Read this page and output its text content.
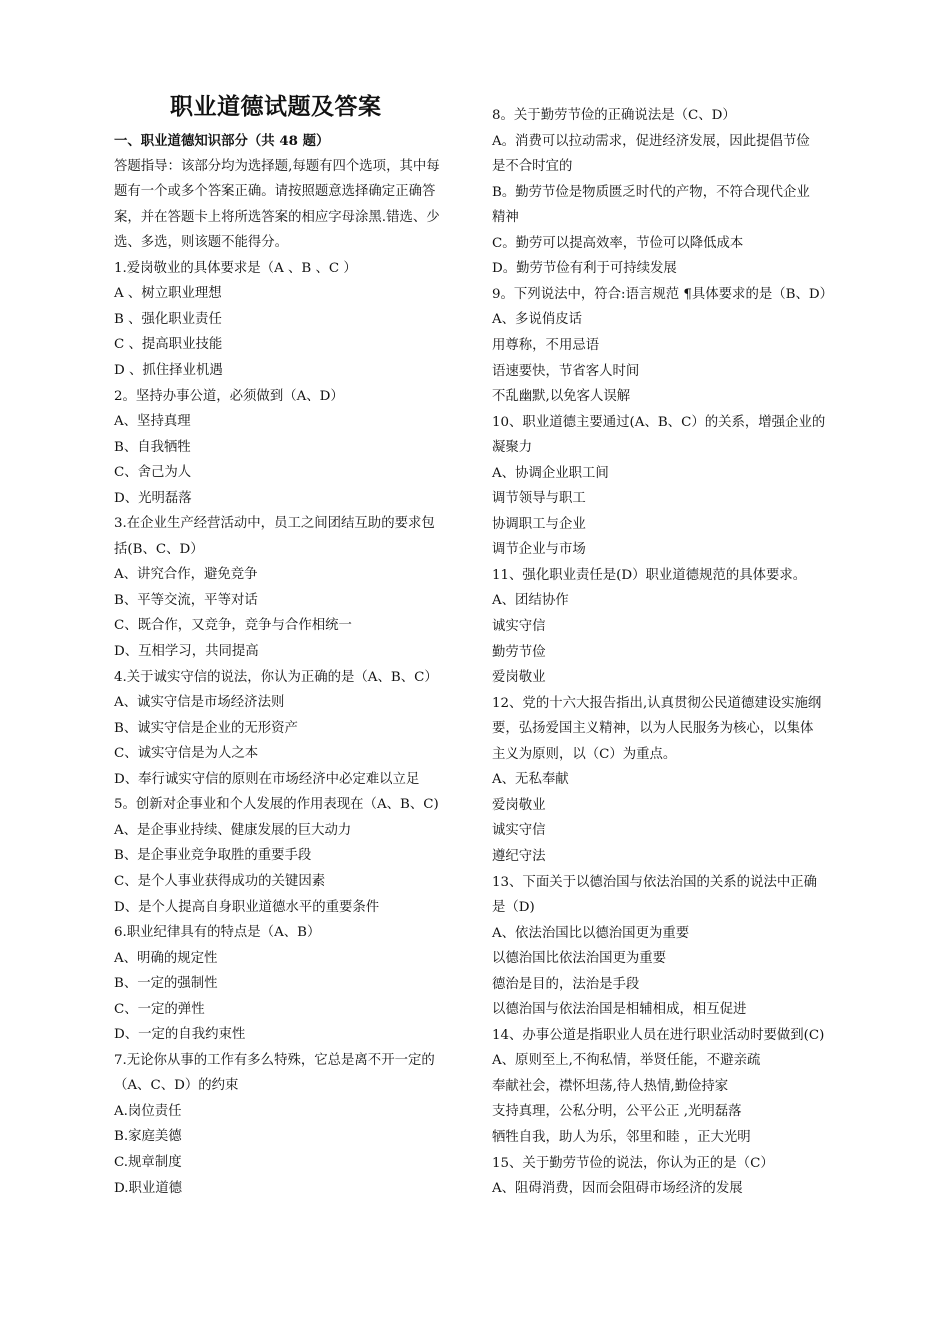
职业道德试题及答案
一、职业道德知识部分（共 48 题）
答题指导：该部分均为选择题,每题有四个选项，其中每
题有一个或多个答案正确。请按照题意选择确定正确答
案，并在答题卡上将所选答案的相应字母涂黑.错选、少
选、多选，则该题不能得分。
1.爱岗敬业的具体要求是（A 、B 、C ）
A 、树立职业理想
B 、强化职业责任
C 、提高职业技能
D 、抓住择业机遇
2。坚持办事公道，必须做到（A、D）
A、坚持真理
B、自我牺牲
C、舍己为人
D、光明磊落
3.在企业生产经营活动中，员工之间团结互助的要求包
括(B、C、D）
A、讲究合作，避免竞争
B、平等交流，平等对话
C、既合作，又竞争，竞争与合作相统一
D、互相学习，共同提高
4.关于诚实守信的说法，你认为正确的是（A、B、C）
A、诚实守信是市场经济法则
B、诚实守信是企业的无形资产
C、诚实守信是为人之本
D、奉行诚实守信的原则在市场经济中必定难以立足
5。创新对企事业和个人发展的作用表现在（A、B、C)
A、是企事业持续、健康发展的巨大动力
B、是企事业竞争取胜的重要手段
C、是个人事业获得成功的关键因素
D、是个人提高自身职业道德水平的重要条件
6.职业纪律具有的特点是（A、B）
A、明确的规定性
B、一定的强制性
C、一定的弹性
D、一定的自我约束性
7.无论你从事的工作有多么特殊，它总是离不开一定的
（A、C、D）的约束
A.岗位责任
B.家庭美德
C.规章制度
D.职业道德
8。关于勤劳节俭的正确说法是（C、D）
A。消费可以拉动需求，促进经济发展，因此提倡节俭
是不合时宜的
B。勤劳节俭是物质匮乏时代的产物，不符合现代企业
精神
C。勤劳可以提高效率，节俭可以降低成本
D。勤劳节俭有利于可持续发展
9。下列说法中，符合:语言规范 ¶具体要求的是（B、D）
A、多说俏皮话
用尊称，不用忌语
语速要快，节省客人时间
不乱幽默,以免客人误解
10、职业道德主要通过(A、B、C）的关系，增强企业的
凝聚力
A、协调企业职工间
调节领导与职工
协调职工与企业
调节企业与市场
11、强化职业责任是(D）职业道德规范的具体要求。
A、团结协作
诚实守信
勤劳节俭
爱岗敬业
12、党的十六大报告指出,认真贯彻公民道德建设实施纲
要，弘扬爱国主义精神，以为人民服务为核心，以集体
主义为原则，以（C）为重点。
A、无私奉献
爱岗敬业
诚实守信
遵纪守法
13、下面关于以德治国与依法治国的关系的说法中正确
是（D)
A、依法治国比以德治国更为重要
以德治国比依法治国更为重要
德治是目的，法治是手段
以德治国与依法治国是相辅相成，相互促进
14、办事公道是指职业人员在进行职业活动时要做到(C)
A、原则至上,不徇私情，举贤任能，不避亲疏
奉献社会，襟怀坦荡,待人热情,勤俭持家
支持真理，公私分明，公平公正 ,光明磊落
牺牲自我，助人为乐，邻里和睦 ，正大光明
15、关于勤劳节俭的说法，你认为正的是（C）
A、阻碍消费，因而会阻碍市场经济的发展
